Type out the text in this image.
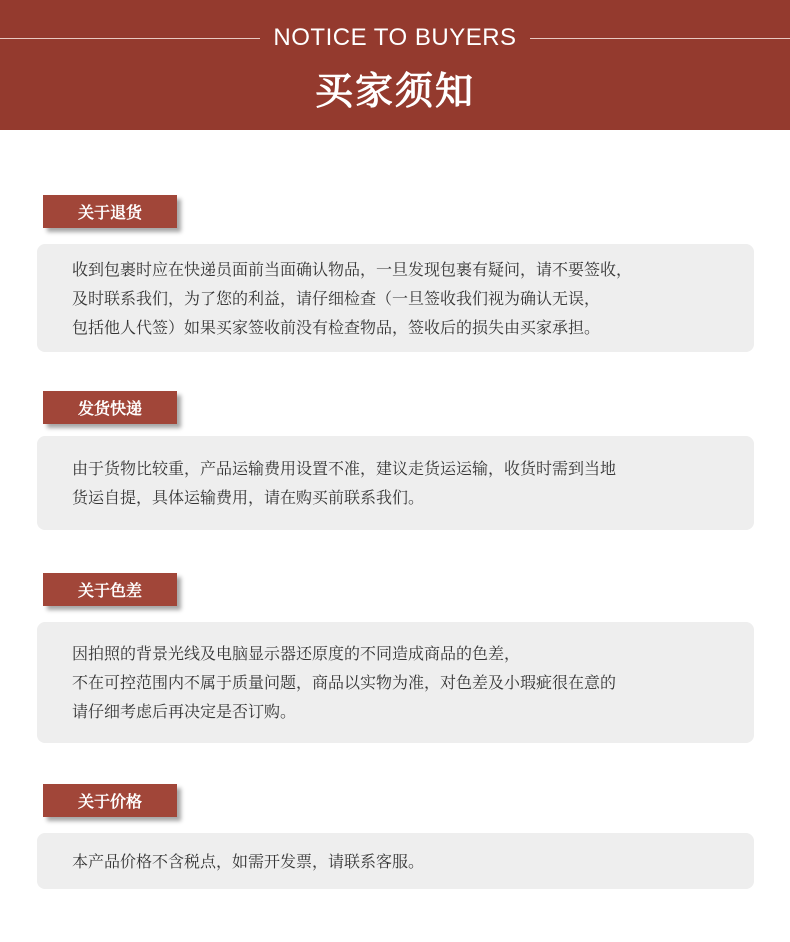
NOTICE TO BUYERS
买家须知
关于退货
收到包裹时应在快递员面前当面确认物品，一旦发现包裹有疑问，请不要签收，
及时联系我们，为了您的利益，请仔细检查（一旦签收我们视为确认无误，
包括他人代签）如果买家签收前没有检查物品，签收后的损失由买家承担。
发货快递
由于货物比较重，产品运输费用设置不准，建议走货运运输，收货时需到当地
货运自提，具体运输费用，请在购买前联系我们。
关于色差
因拍照的背景光线及电脑显示器还原度的不同造成商品的色差，
不在可控范围内不属于质量问题，商品以实物为准，对色差及小瑕疵很在意的
请仔细考虑后再决定是否订购。
关于价格
本产品价格不含税点，如需开发票，请联系客服。
